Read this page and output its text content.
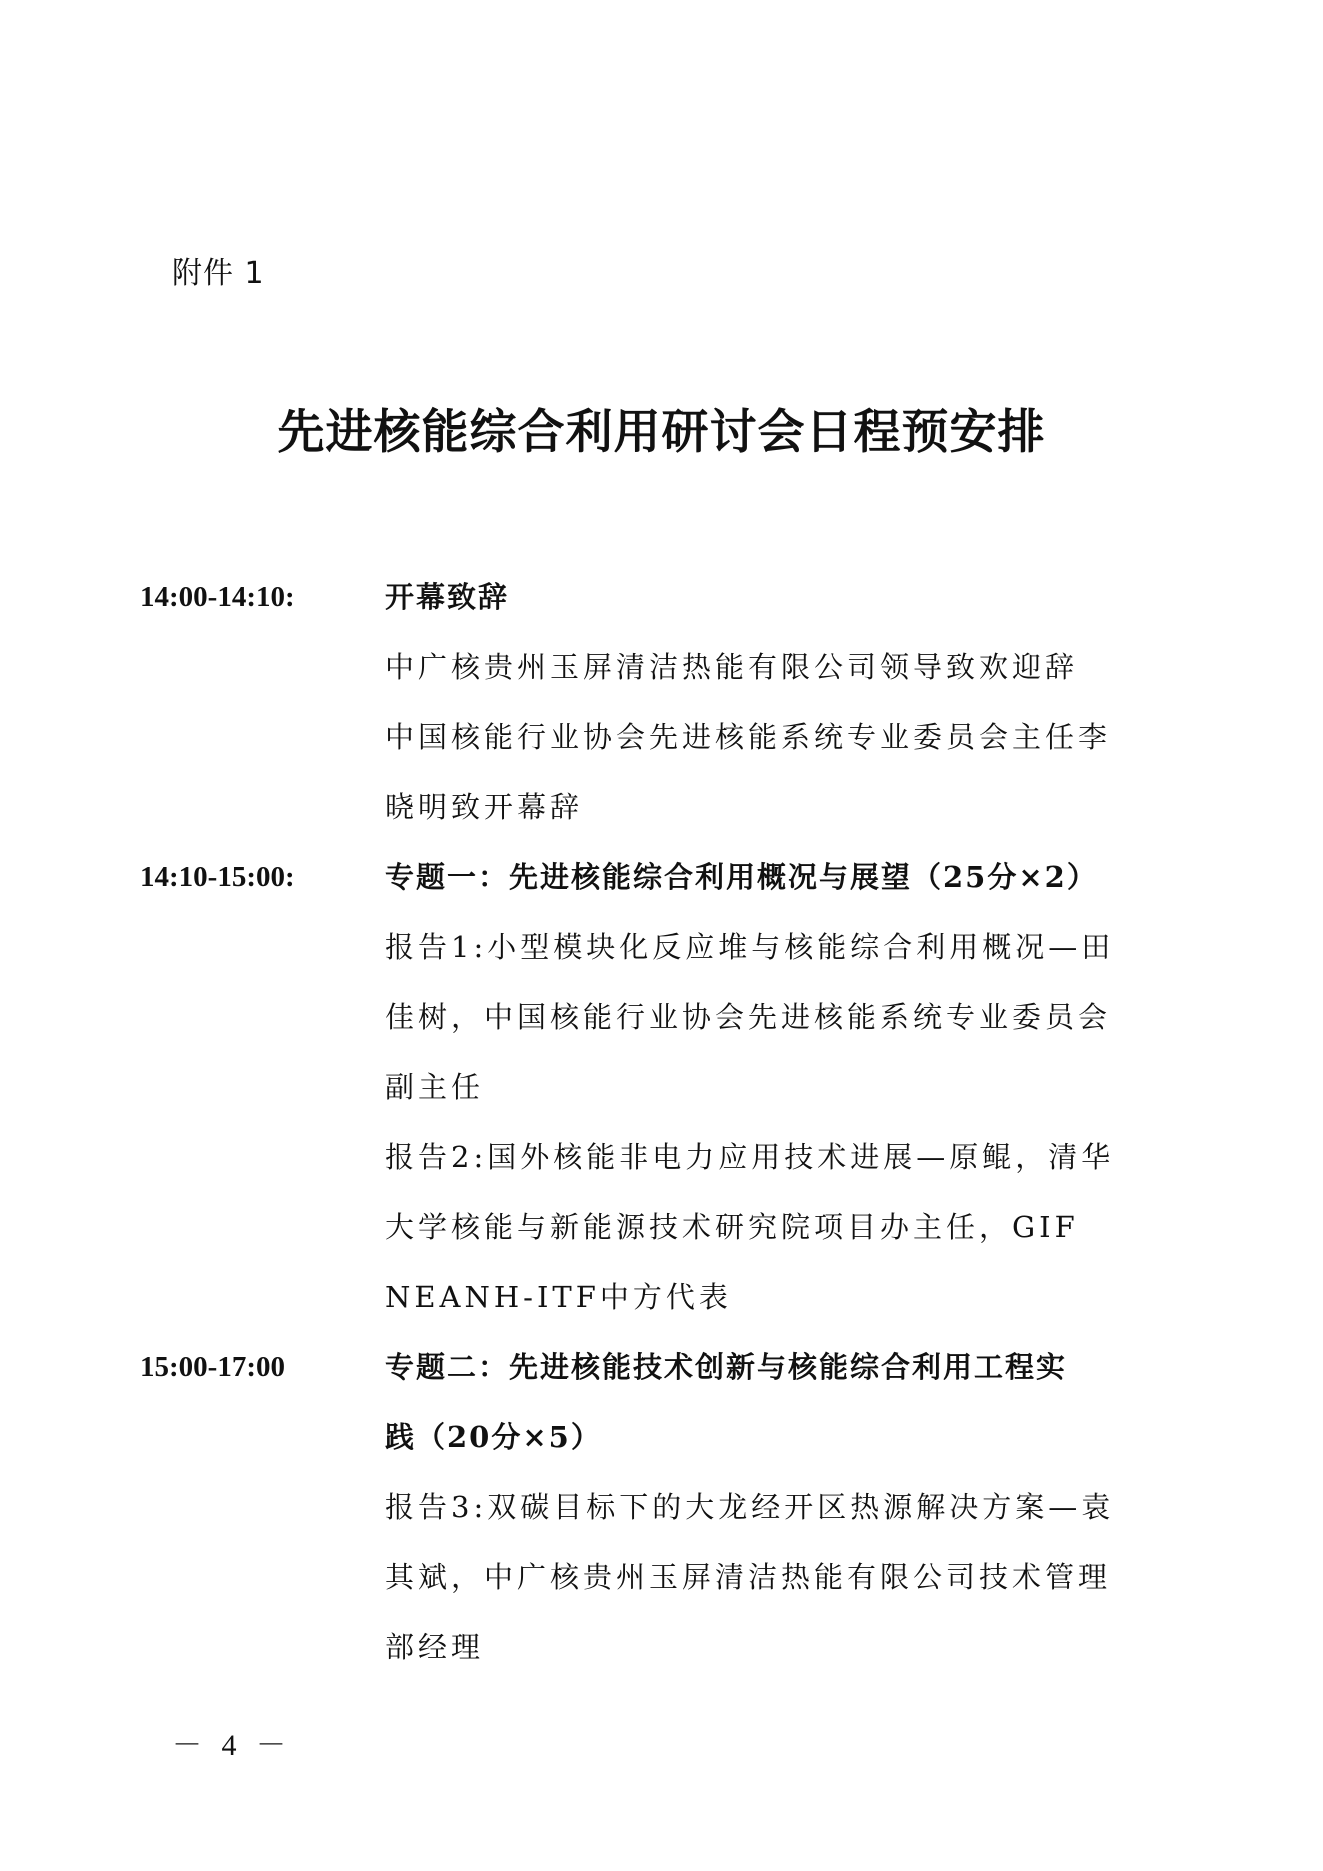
附件 1
先进核能综合利用研讨会日程预安排
14:00-14:10:	开幕致辞
中广核贵州玉屏清洁热能有限公司领导致欢迎辞
中国核能行业协会先进核能系统专业委员会主任李
晓明致开幕辞
14:10-15:00:	专题一：先进核能综合利用概况与展望（25分×2）
报告1:小型模块化反应堆与核能综合利用概况—田
佳树，中国核能行业协会先进核能系统专业委员会
副主任
报告2:国外核能非电力应用技术进展—原鲲，清华
大学核能与新能源技术研究院项目办主任，GIF
NEANH-ITF中方代表
15:00-17:00	专题二：先进核能技术创新与核能综合利用工程实
践（20分×5）
报告3:双碳目标下的大龙经开区热源解决方案—袁
其斌，中广核贵州玉屏清洁热能有限公司技术管理
部经理
－ 4 －
